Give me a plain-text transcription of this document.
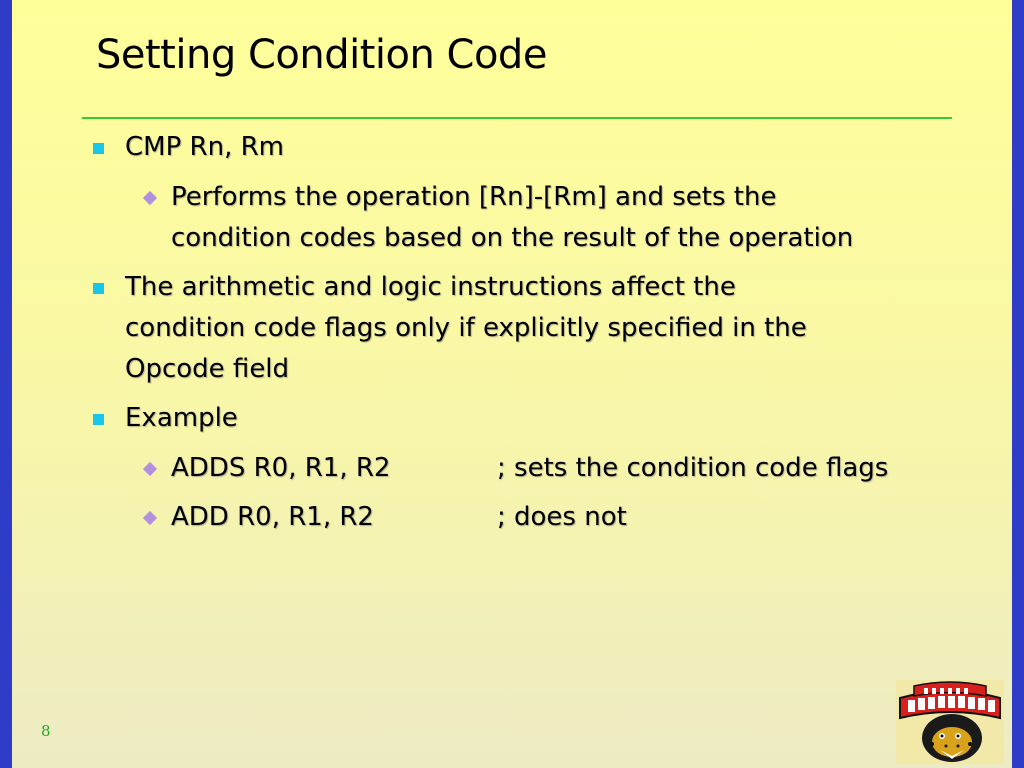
Setting Condition Code
CMP Rn, Rm
Performs the operation [Rn]-[Rm] and sets the
condition codes based on the result of the operation
The arithmetic and logic instructions affect the
condition code flags only if explicitly specified in the
Opcode field
Example
ADDS R0, R1, R2	; sets the condition code flags
ADD R0, R1, R2	; does not
8
